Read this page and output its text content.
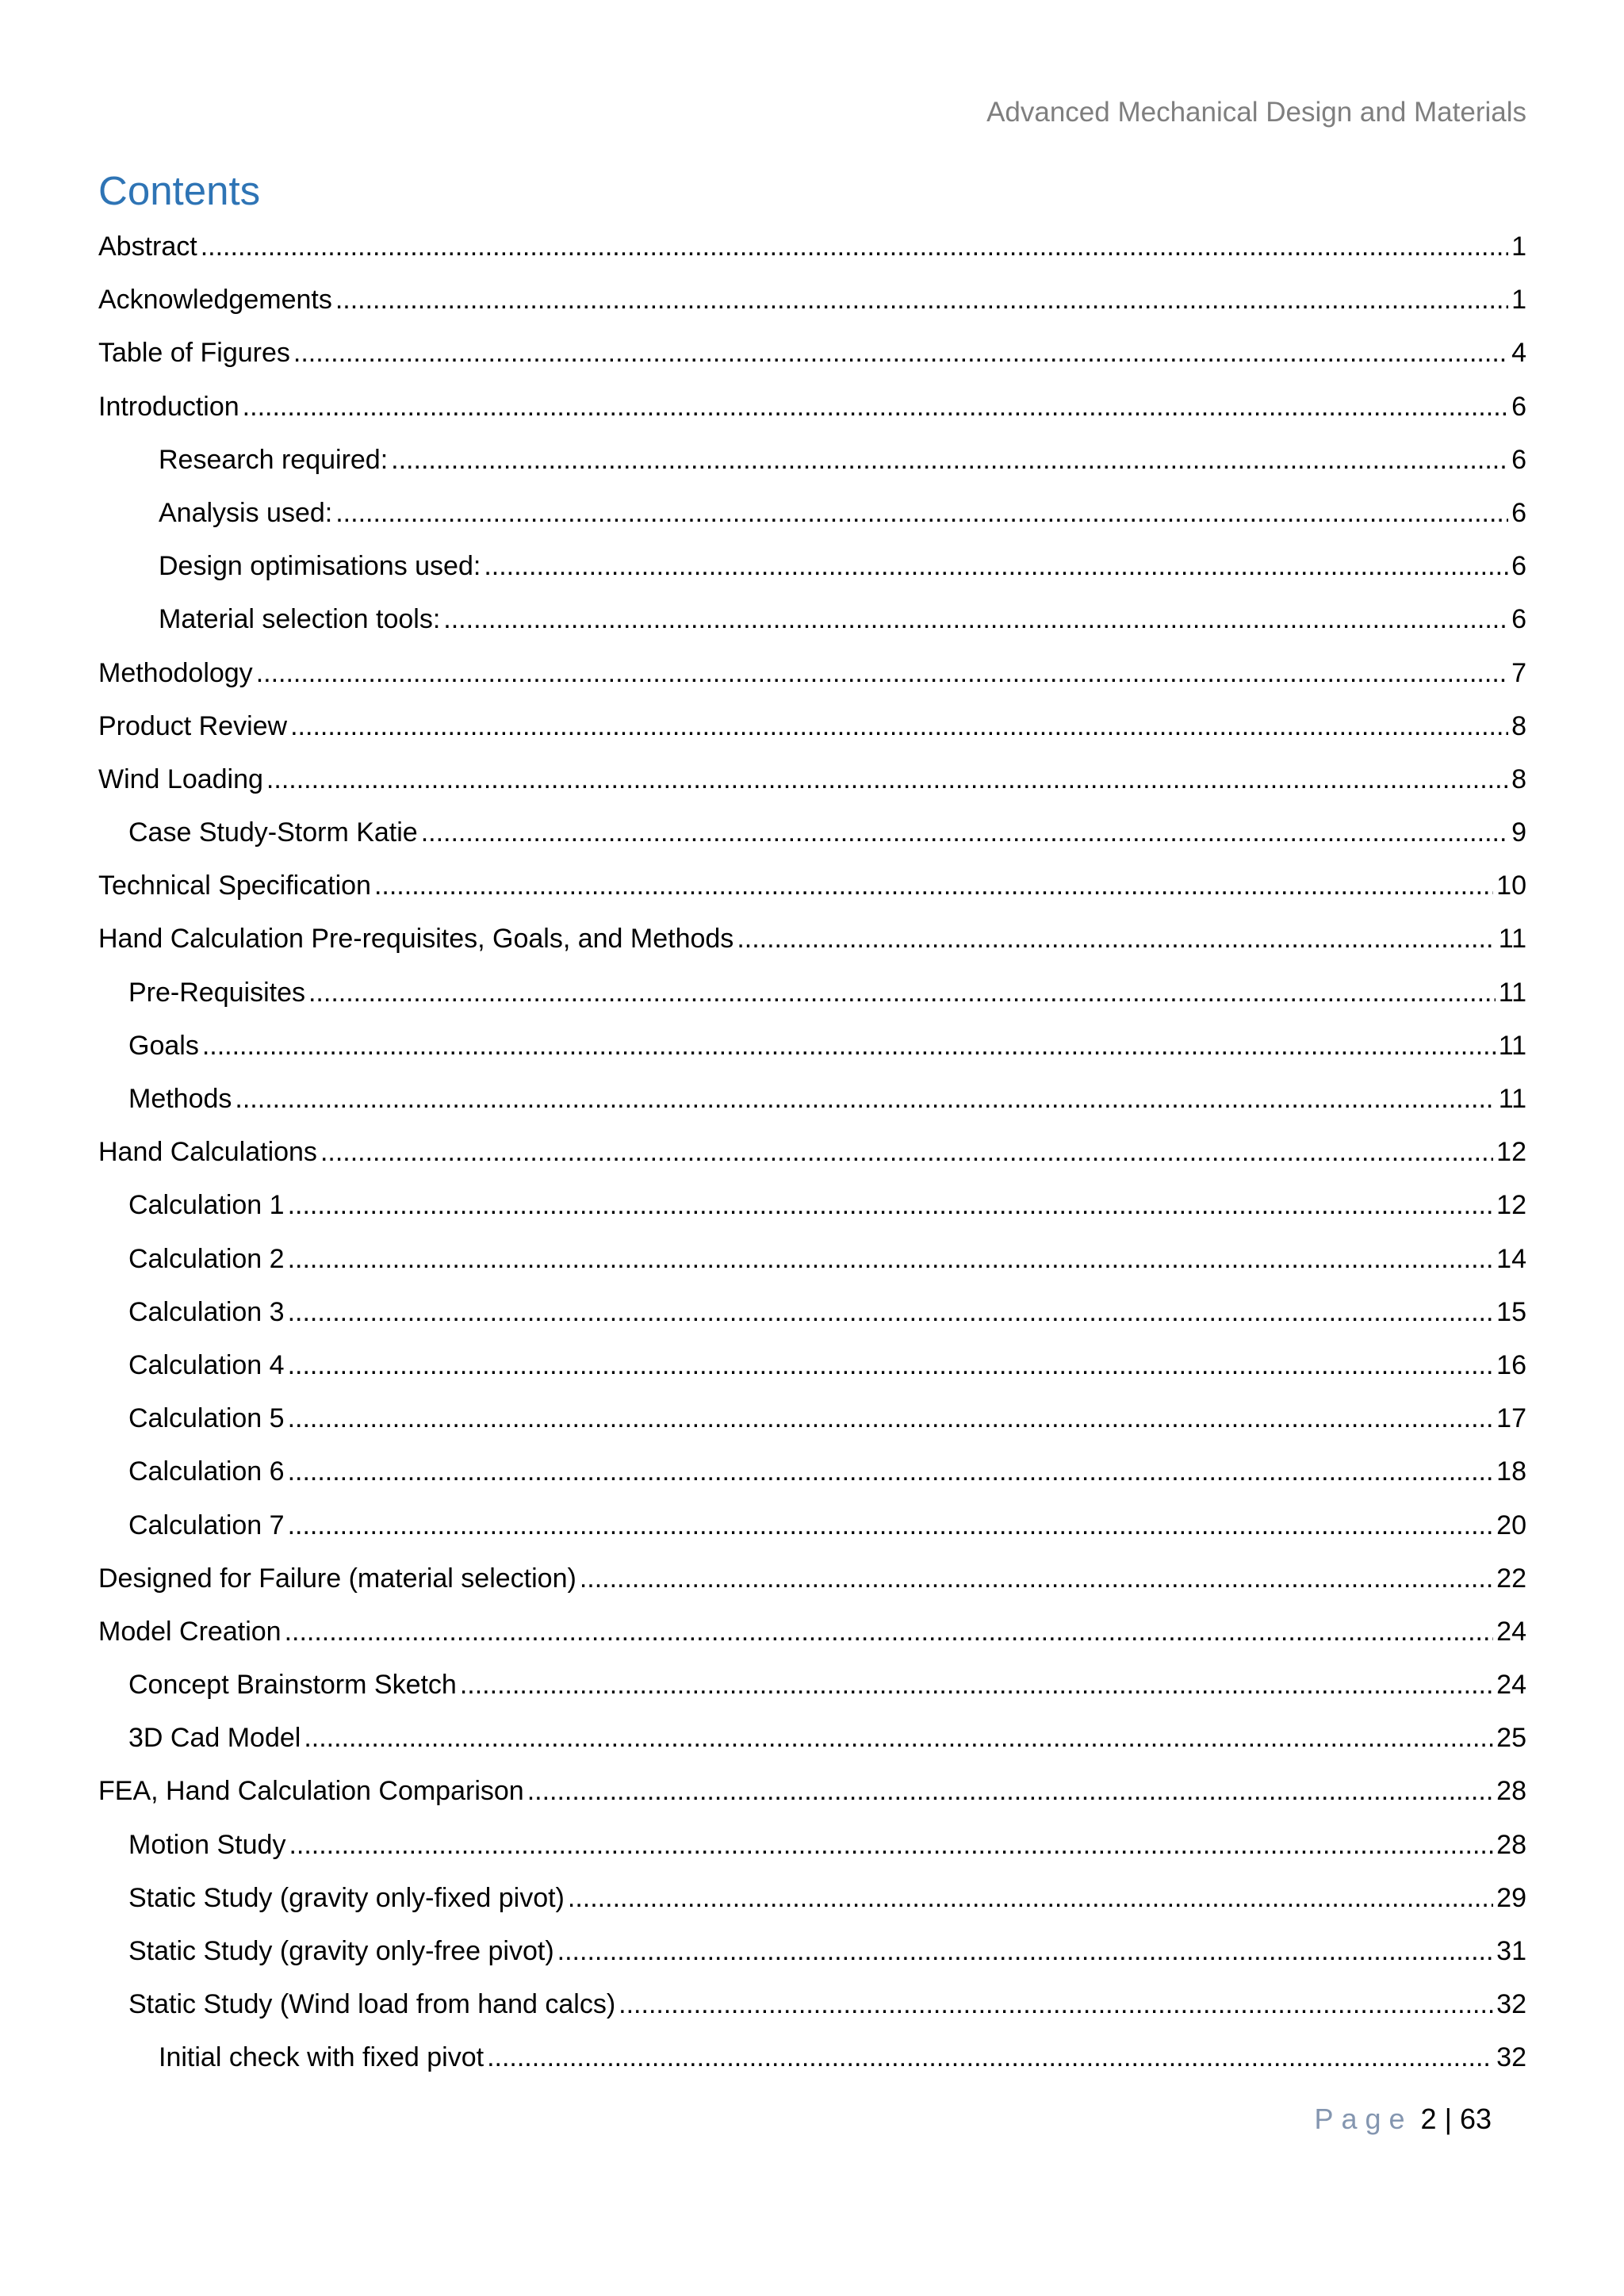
Advanced Mechanical Design and Materials
Contents
Abstract .....	1
Acknowledgements .....	1
Table of Figures .....	4
Introduction .....	6
Research required: .....	6
Analysis used: .....	6
Design optimisations used: .....	6
Material selection tools: .....	6
Methodology .....	7
Product Review .....	8
Wind Loading .....	8
Case Study-Storm Katie .....	9
Technical Specification .....	10
Hand Calculation Pre-requisites, Goals, and Methods .....	11
Pre-Requisites .....	11
Goals .....	11
Methods .....	11
Hand Calculations .....	12
Calculation 1 .....	12
Calculation 2 .....	14
Calculation 3 .....	15
Calculation 4 .....	16
Calculation 5 .....	17
Calculation 6 .....	18
Calculation 7 .....	20
Designed for Failure (material selection) .....	22
Model Creation .....	24
Concept Brainstorm Sketch .....	24
3D Cad Model .....	25
FEA, Hand Calculation Comparison .....	28
Motion Study .....	28
Static Study (gravity only-fixed pivot) .....	29
Static Study (gravity only-free pivot) .....	31
Static Study (Wind load from hand calcs) .....	32
Initial check with fixed pivot .....	32
Page 2 | 63
